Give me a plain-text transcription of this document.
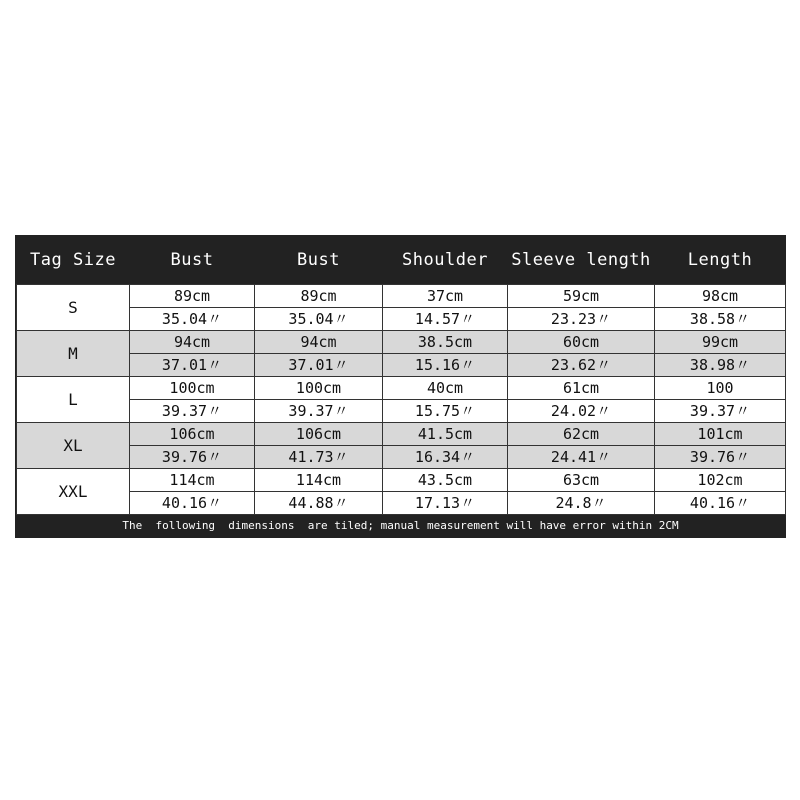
Tag Size	Bust	Bust	Shoulder	Sleeve length	Length
S	89cm	89cm	37cm	59cm	98cm
	35.04〃	35.04〃	14.57〃	23.23〃	38.58〃
M	94cm	94cm	38.5cm	60cm	99cm
	37.01〃	37.01〃	15.16〃	23.62〃	38.98〃
L	100cm	100cm	40cm	61cm	100
	39.37〃	39.37〃	15.75〃	24.02〃	39.37〃
XL	106cm	106cm	41.5cm	62cm	101cm
	39.76〃	41.73〃	16.34〃	24.41〃	39.76〃
XXL	114cm	114cm	43.5cm	63cm	102cm
	40.16〃	44.88〃	17.13〃	24.8〃	40.16〃
The  following  dimensions  are tiled; manual measurement will have error within 2CM
